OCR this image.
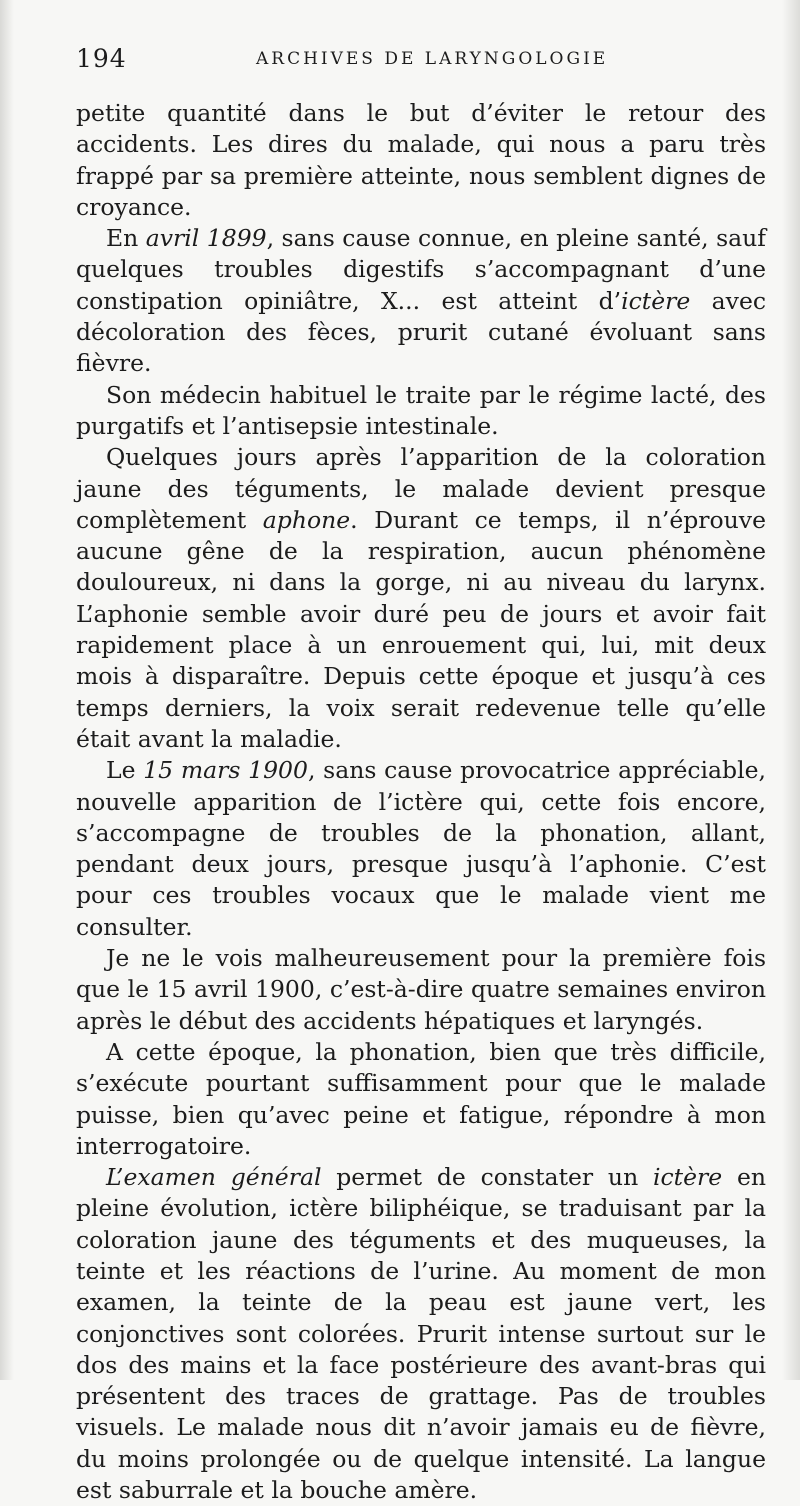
194	ARCHIVES DE LARYNGOLOGIE

petite quantité dans le but d’éviter le retour des accidents. Les dires du malade, qui nous a paru très frappé par sa première atteinte, nous semblent dignes de croyance.

En avril 1899, sans cause connue, en pleine santé, sauf quelques troubles digestifs s’accompagnant d’une constipation opiniâtre, X... est atteint d’ictère avec décoloration des fèces, prurit cutané évoluant sans fièvre.

Son médecin habituel le traite par le régime lacté, des purgatifs et l’antisepsie intestinale.

Quelques jours après l’apparition de la coloration jaune des téguments, le malade devient presque complètement aphone. Durant ce temps, il n’éprouve aucune gêne de la respiration, aucun phénomène douloureux, ni dans la gorge, ni au niveau du larynx. L’aphonie semble avoir duré peu de jours et avoir fait rapidement place à un enrouement qui, lui, mit deux mois à disparaître. Depuis cette époque et jusqu’à ces temps derniers, la voix serait redevenue telle qu’elle était avant la maladie.

Le 15 mars 1900, sans cause provocatrice appréciable, nouvelle apparition de l’ictère qui, cette fois encore, s’accompagne de troubles de la phonation, allant, pendant deux jours, presque jusqu’à l’aphonie. C’est pour ces troubles vocaux que le malade vient me consulter.

Je ne le vois malheureusement pour la première fois que le 15 avril 1900, c’est-à-dire quatre semaines environ après le début des accidents hépatiques et laryngés.

A cette époque, la phonation, bien que très difficile, s’exécute pourtant suffisamment pour que le malade puisse, bien qu’avec peine et fatigue, répondre à mon interrogatoire.

L’examen général permet de constater un ictère en pleine évolution, ictère biliphéique, se traduisant par la coloration jaune des téguments et des muqueuses, la teinte et les réactions de l’urine. Au moment de mon examen, la teinte de la peau est jaune vert, les conjonctives sont colorées. Prurit intense surtout sur le dos des mains et la face postérieure des avant-bras qui présentent des traces de grattage. Pas de troubles visuels. Le malade nous dit n’avoir jamais eu de fièvre, du moins prolongée ou de quelque intensité. La langue est saburrale et la bouche amère.
